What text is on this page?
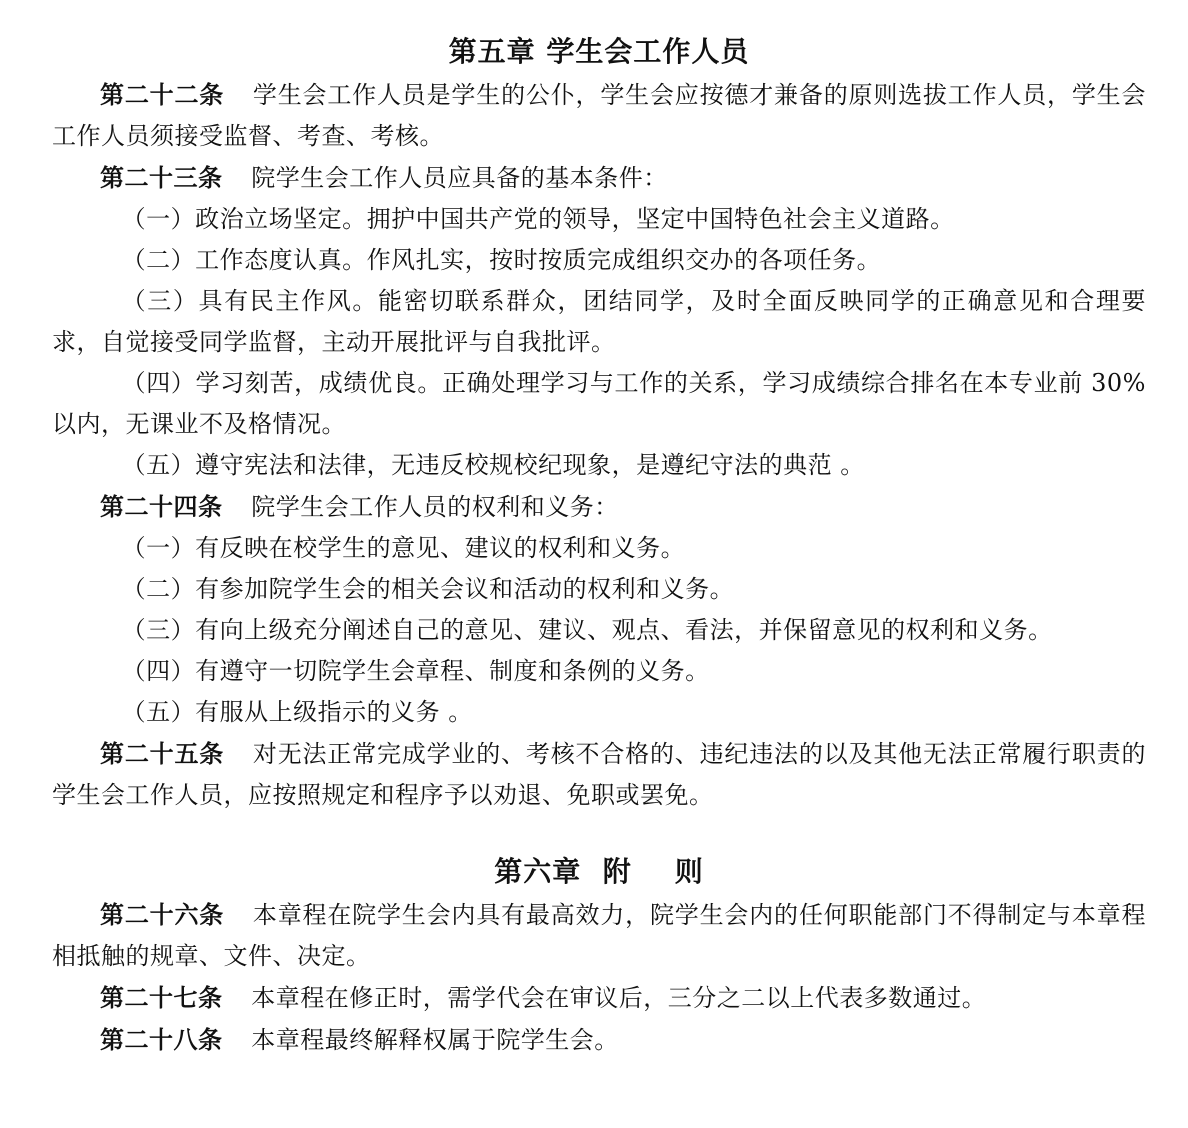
第五章 学生会工作人员

第二十二条 学生会工作人员是学生的公仆，学生会应按德才兼备的原则选拔工作人员，学生会工作人员须接受监督、考查、考核。

第二十三条 院学生会工作人员应具备的基本条件：

（一）政治立场坚定。拥护中国共产党的领导，坚定中国特色社会主义道路。

（二）工作态度认真。作风扎实，按时按质完成组织交办的各项任务。

（三）具有民主作风。能密切联系群众，团结同学，及时全面反映同学的正确意见和合理要求，自觉接受同学监督，主动开展批评与自我批评。

（四）学习刻苦，成绩优良。正确处理学习与工作的关系，学习成绩综合排名在本专业前 30%以内，无课业不及格情况。

（五）遵守宪法和法律，无违反校规校纪现象，是遵纪守法的典范 。

第二十四条 院学生会工作人员的权利和义务：

（一）有反映在校学生的意见、建议的权利和义务。

（二）有参加院学生会的相关会议和活动的权利和义务。

（三）有向上级充分阐述自己的意见、建议、观点、看法，并保留意见的权利和义务。

（四）有遵守一切院学生会章程、制度和条例的义务。

（五）有服从上级指示的义务 。

第二十五条 对无法正常完成学业的、考核不合格的、违纪违法的以及其他无法正常履行职责的学生会工作人员，应按照规定和程序予以劝退、免职或罢免。

第六章  附    则

第二十六条 本章程在院学生会内具有最高效力，院学生会内的任何职能部门不得制定与本章程相抵触的规章、文件、决定。

第二十七条 本章程在修正时，需学代会在审议后，三分之二以上代表多数通过。

第二十八条 本章程最终解释权属于院学生会。
